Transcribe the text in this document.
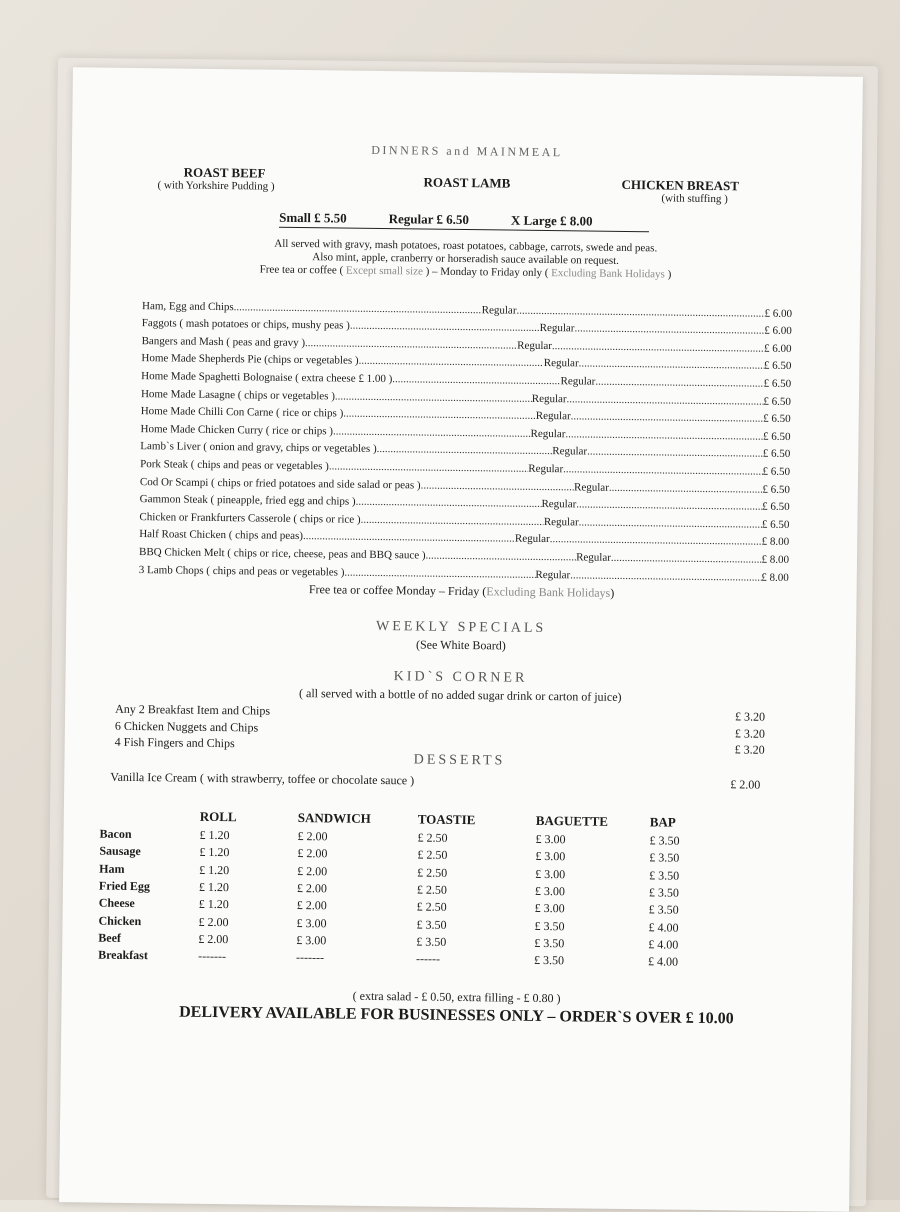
DINNERS and MAINMEAL
ROAST BEEF
( with Yorkshire Pudding )	ROAST LAMB	CHICKEN BREAST
(with stuffing )
Small £ 5.50	Regular £ 6.50	X Large £ 8.00
All served with gravy, mash potatoes, roast potatoes, cabbage, carrots, swede and peas.
Also mint, apple, cranberry or horseradish sauce available on request.
Free tea or coffee ( Except small size ) – Monday to Friday only ( Excluding Bank Holidays )
Ham, Egg and Chips .....	Regular .....	£ 6.00
Faggots ( mash potatoes or chips, mushy peas ) .....	Regular .....	£ 6.00
Bangers and Mash ( peas and gravy ) .....	Regular .....	£ 6.00
Home Made Shepherds Pie (chips or vegetables ) .....	Regular .....	£ 6.50
Home Made Spaghetti Bolognaise ( extra cheese £ 1.00 ) .....	Regular .....	£ 6.50
Home Made Lasagne ( chips or vegetables ) .....	Regular .....	£ 6.50
Home Made Chilli Con Carne ( rice or chips ) .....	Regular .....	£ 6.50
Home Made Chicken Curry ( rice or chips ) .....	Regular .....	£ 6.50
Lamb`s Liver ( onion and gravy, chips or vegetables ) .....	Regular .....	£ 6.50
Pork Steak ( chips and peas or vegetables ) .....	Regular .....	£ 6.50
Cod Or Scampi ( chips or fried potatoes and side salad or peas ) .....	Regular .....	£ 6.50
Gammon Steak ( pineapple, fried egg and chips ) .....	Regular .....	£ 6.50
Chicken or Frankfurters Casserole ( chips or rice ) .....	Regular .....	£ 6.50
Half Roast Chicken ( chips and peas) .....	Regular .....	£ 8.00
BBQ Chicken Melt ( chips or rice, cheese, peas and BBQ sauce ) .....	Regular .....	£ 8.00
3 Lamb Chops ( chips and peas or vegetables ) .....	Regular .....	£ 8.00
Free tea or coffee Monday – Friday (Excluding Bank Holidays)
WEEKLY SPECIALS
(See White Board)
KID`S CORNER
( all served with a bottle of no added sugar drink or carton of juice)
Any 2 Breakfast Item and Chips	£ 3.20
6 Chicken Nuggets and Chips	£ 3.20
4 Fish Fingers and Chips	£ 3.20
DESSERTS
Vanilla Ice Cream ( with strawberry, toffee or chocolate sauce )	£ 2.00
	ROLL	SANDWICH	TOASTIE	BAGUETTE	BAP
Bacon	£ 1.20	£ 2.00	£ 2.50	£ 3.00	£ 3.50
Sausage	£ 1.20	£ 2.00	£ 2.50	£ 3.00	£ 3.50
Ham	£ 1.20	£ 2.00	£ 2.50	£ 3.00	£ 3.50
Fried Egg	£ 1.20	£ 2.00	£ 2.50	£ 3.00	£ 3.50
Cheese	£ 1.20	£ 2.00	£ 2.50	£ 3.00	£ 3.50
Chicken	£ 2.00	£ 3.00	£ 3.50	£ 3.50	£ 4.00
Beef	£ 2.00	£ 3.00	£ 3.50	£ 3.50	£ 4.00
Breakfast	-------	-------	------	£ 3.50	£ 4.00
( extra salad - £ 0.50, extra filling - £ 0.80 )
DELIVERY AVAILABLE FOR BUSINESSES ONLY – ORDER`S OVER £ 10.00
